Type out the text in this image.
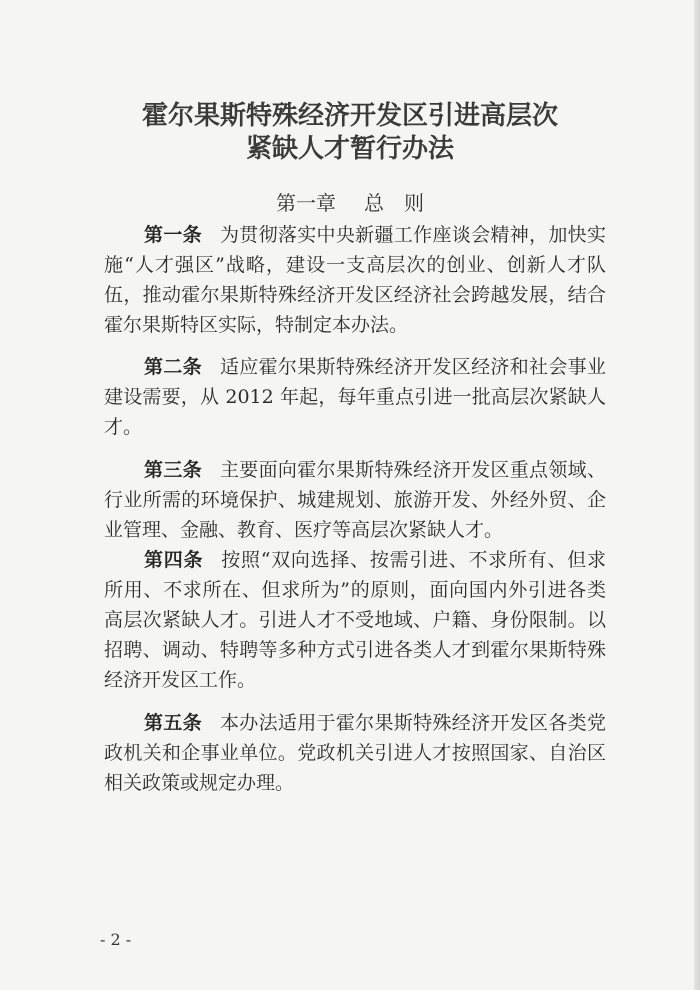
霍尔果斯特殊经济开发区引进高层次
紧缺人才暂行办法
第一章 总　则
第一条 为贯彻落实中央新疆工作座谈会精神，加快实施“人才强区”战略，建设一支高层次的创业、创新人才队伍，推动霍尔果斯特殊经济开发区经济社会跨越发展，结合霍尔果斯特区实际，特制定本办法。
第二条 适应霍尔果斯特殊经济开发区经济和社会事业建设需要，从 2012 年起，每年重点引进一批高层次紧缺人才。
第三条 主要面向霍尔果斯特殊经济开发区重点领域、行业所需的环境保护、城建规划、旅游开发、外经外贸、企业管理、金融、教育、医疗等高层次紧缺人才。
第四条 按照“双向选择、按需引进、不求所有、但求所用、不求所在、但求所为”的原则，面向国内外引进各类高层次紧缺人才。引进人才不受地域、户籍、身份限制。以招聘、调动、特聘等多种方式引进各类人才到霍尔果斯特殊经济开发区工作。
第五条 本办法适用于霍尔果斯特殊经济开发区各类党政机关和企事业单位。党政机关引进人才按照国家、自治区相关政策或规定办理。
- 2 -
